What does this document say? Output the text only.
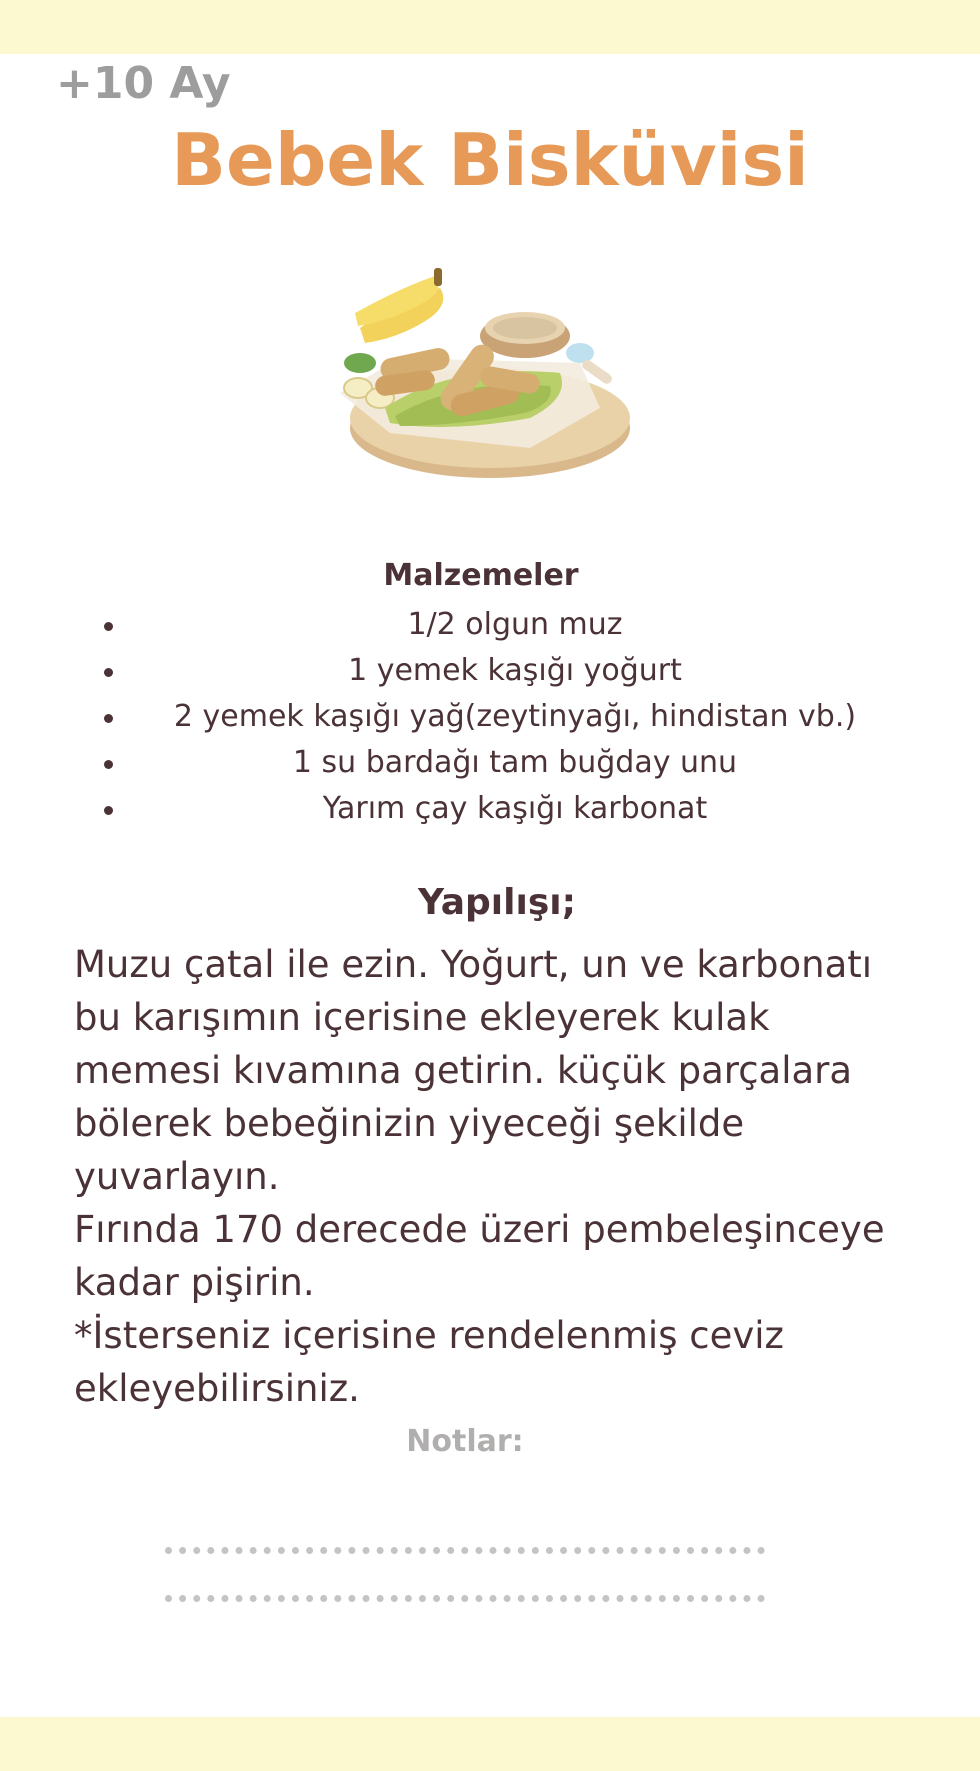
+10 Ay
Bebek Bisküvisi
Malzemeler
1/2 olgun muz
1 yemek kaşığı yoğurt
2 yemek kaşığı yağ(zeytinyağı, hindistan vb.)
1 su bardağı tam buğday unu
Yarım çay kaşığı karbonat
Yapılışı;

Muzu çatal ile ezin. Yoğurt, un ve karbonatı bu karışımın içerisine ekleyerek kulak memesi kıvamına getirin. küçük parçalara bölerek bebeğinizin yiyeceği şekilde yuvarlayın.

Fırında 170 derecede üzeri pembeleşinceye kadar pişirin.

*İsterseniz içerisine rendelenmiş ceviz ekleyebilirsiniz.

Notlar:
